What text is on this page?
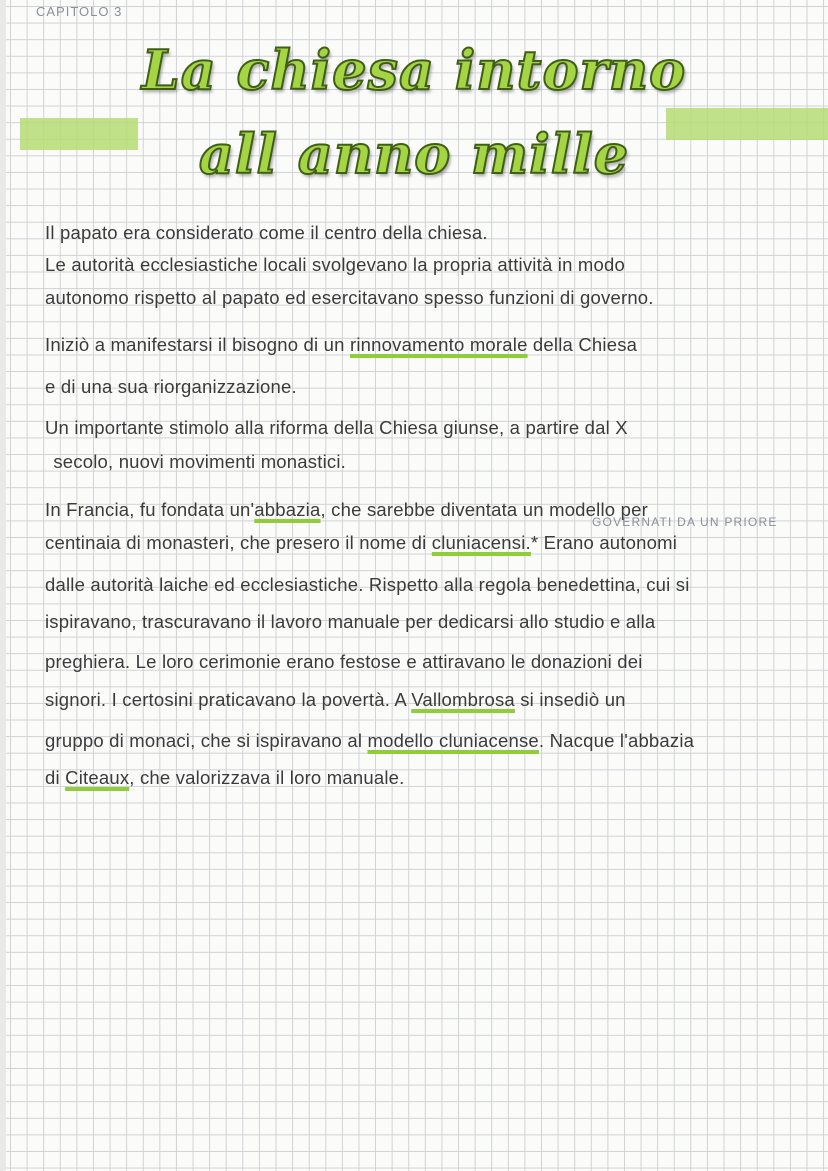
CAPITOLO 3
La chiesa intorno
all anno mille
GOVERNATI DA UN PRIORE
Il papato era considerato come il centro della chiesa.
Le autorità ecclesiastiche locali svolgevano la propria attività in modo
autonomo rispetto al papato ed esercitavano spesso funzioni di governo.
Iniziò a manifestarsi il bisogno di un rinnovamento morale della Chiesa
e di una sua riorganizzazione.
Un importante stimolo alla riforma della Chiesa giunse, a partire dal X
secolo, nuovi movimenti monastici.
In Francia, fu fondata un'abbazia, che sarebbe diventata un modello per
centinaia di monasteri, che presero il nome di cluniacensi.* Erano autonomi
dalle autorità laiche ed ecclesiastiche. Rispetto alla regola benedettina, cui si
ispiravano, trascuravano il lavoro manuale per dedicarsi allo studio e alla
preghiera. Le loro cerimonie erano festose e attiravano le donazioni dei
signori. I certosini praticavano la povertà. A Vallombrosa si insediò un
gruppo di monaci, che si ispiravano al modello cluniacense. Nacque l'abbazia
di Citeaux, che valorizzava il loro manuale.
